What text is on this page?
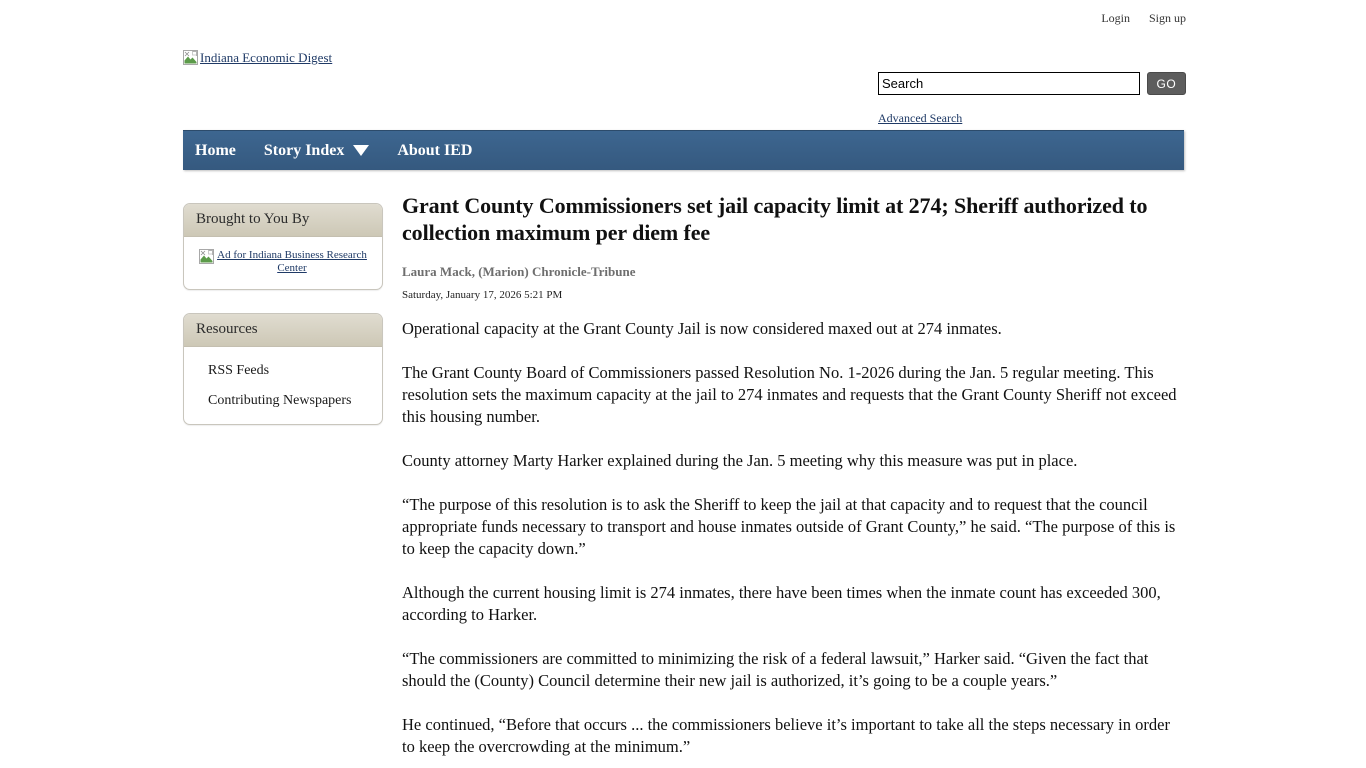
Login Sign up
Indiana Economic Digest
Search
GO
Advanced Search
Home Story Index	About IED
Brought to You By
Ad for Indiana Business Research Center
Resources
RSS Feeds
Contributing Newspapers
Grant County Commissioners set jail capacity limit at 274; Sheriff authorized to collection maximum per diem fee
Laura Mack, (Marion) Chronicle-Tribune
Saturday, January 17, 2026 5:21 PM

Operational capacity at the Grant County Jail is now considered maxed out at 274 inmates.

The Grant County Board of Commissioners passed Resolution No. 1-2026 during the Jan. 5 regular meeting. This resolution sets the maximum capacity at the jail to 274 inmates and requests that the Grant County Sheriff not exceed this housing number.

County attorney Marty Harker explained during the Jan. 5 meeting why this measure was put in place.

“The purpose of this resolution is to ask the Sheriff to keep the jail at that capacity and to request that the council appropriate funds necessary to transport and house inmates outside of Grant County,” he said. “The purpose of this is to keep the capacity down.”

Although the current housing limit is 274 inmates, there have been times when the inmate count has exceeded 300, according to Harker.

“The commissioners are committed to minimizing the risk of a federal lawsuit,” Harker said. “Given the fact that should the (County) Council determine their new jail is authorized, it’s going to be a couple years.”

He continued, “Before that occurs ... the commissioners believe it’s important to take all the steps necessary in order to keep the overcrowding at the minimum.”
